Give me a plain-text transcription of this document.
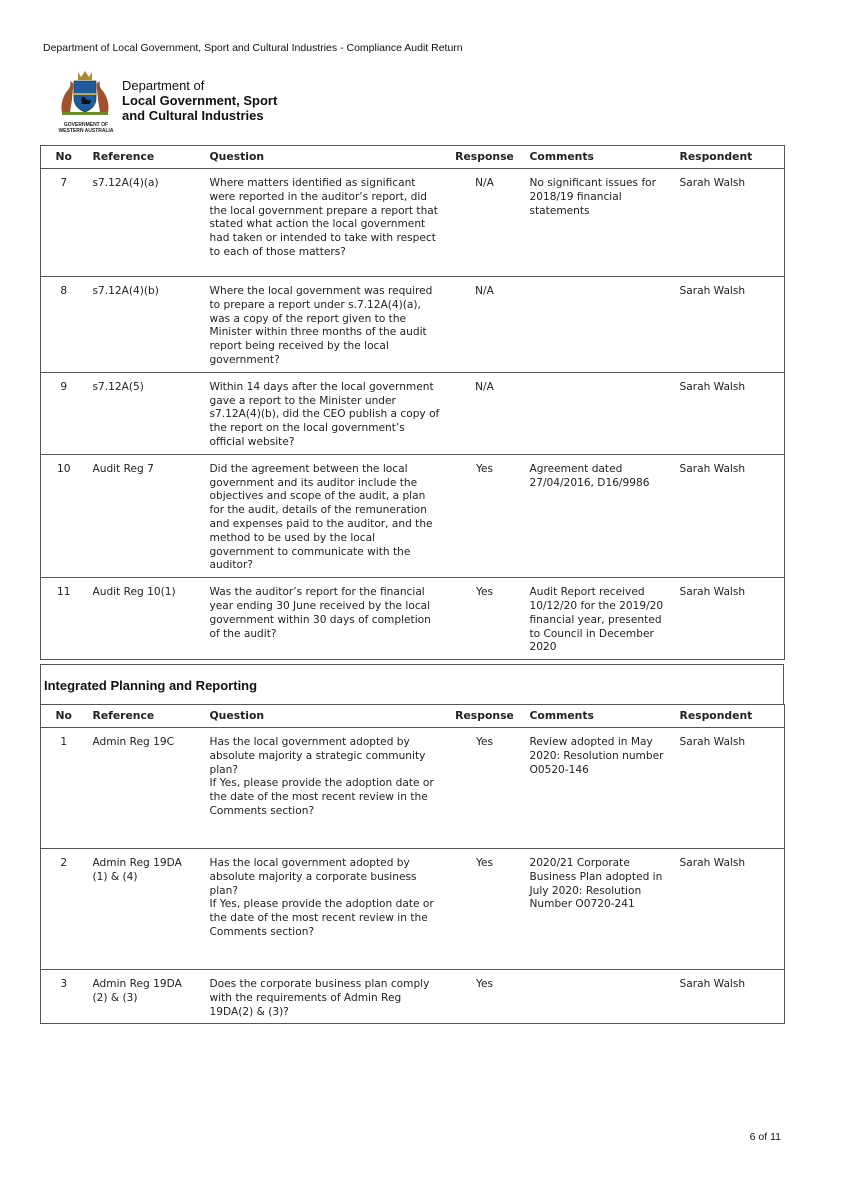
Department of Local Government, Sport and Cultural Industries - Compliance Audit Return
GOVERNMENT OF
WESTERN AUSTRALIA
Department of
Local Government, Sport
and Cultural Industries
No	Reference	Question	Response	Comments	Respondent
7	s7.12A(4)(a)	Where matters identified as significant were reported in the auditor’s report, did the local government prepare a report that stated what action the local government had taken or intended to take with respect to each of those matters?	N/A	No significant issues for 2018/19 financial statements	Sarah Walsh
8	s7.12A(4)(b)	Where the local government was required to prepare a report under s.7.12A(4)(a), was a copy of the report given to the Minister within three months of the audit report being received by the local government?	N/A		Sarah Walsh
9	s7.12A(5)	Within 14 days after the local government gave a report to the Minister under s7.12A(4)(b), did the CEO publish a copy of the report on the local government’s official website?	N/A		Sarah Walsh
10	Audit Reg 7	Did the agreement between the local government and its auditor include the objectives and scope of the audit, a plan for the audit, details of the remuneration and expenses paid to the auditor, and the method to be used by the local government to communicate with the auditor?	Yes	Agreement dated 27/04/2016, D16/9986	Sarah Walsh
11	Audit Reg 10(1)	Was the auditor’s report for the financial year ending 30 June received by the local government within 30 days of completion of the audit?	Yes	Audit Report received 10/12/20 for the 2019/20 financial year, presented to Council in December 2020	Sarah Walsh
Integrated Planning and Reporting
No	Reference	Question	Response	Comments	Respondent
1	Admin Reg 19C	Has the local government adopted by absolute majority a strategic community plan?
If Yes, please provide the adoption date or the date of the most recent review in the Comments section?	Yes	Review adopted in May 2020: Resolution number O0520-146	Sarah Walsh
2	Admin Reg 19DA (1) & (4)	Has the local government adopted by absolute majority a corporate business plan?
If Yes, please provide the adoption date or the date of the most recent review in the Comments section?	Yes	2020/21 Corporate Business Plan adopted in July 2020: Resolution Number O0720-241	Sarah Walsh
3	Admin Reg 19DA (2) & (3)	Does the corporate business plan comply with the requirements of Admin Reg 19DA(2) & (3)?	Yes		Sarah Walsh
6 of 11
